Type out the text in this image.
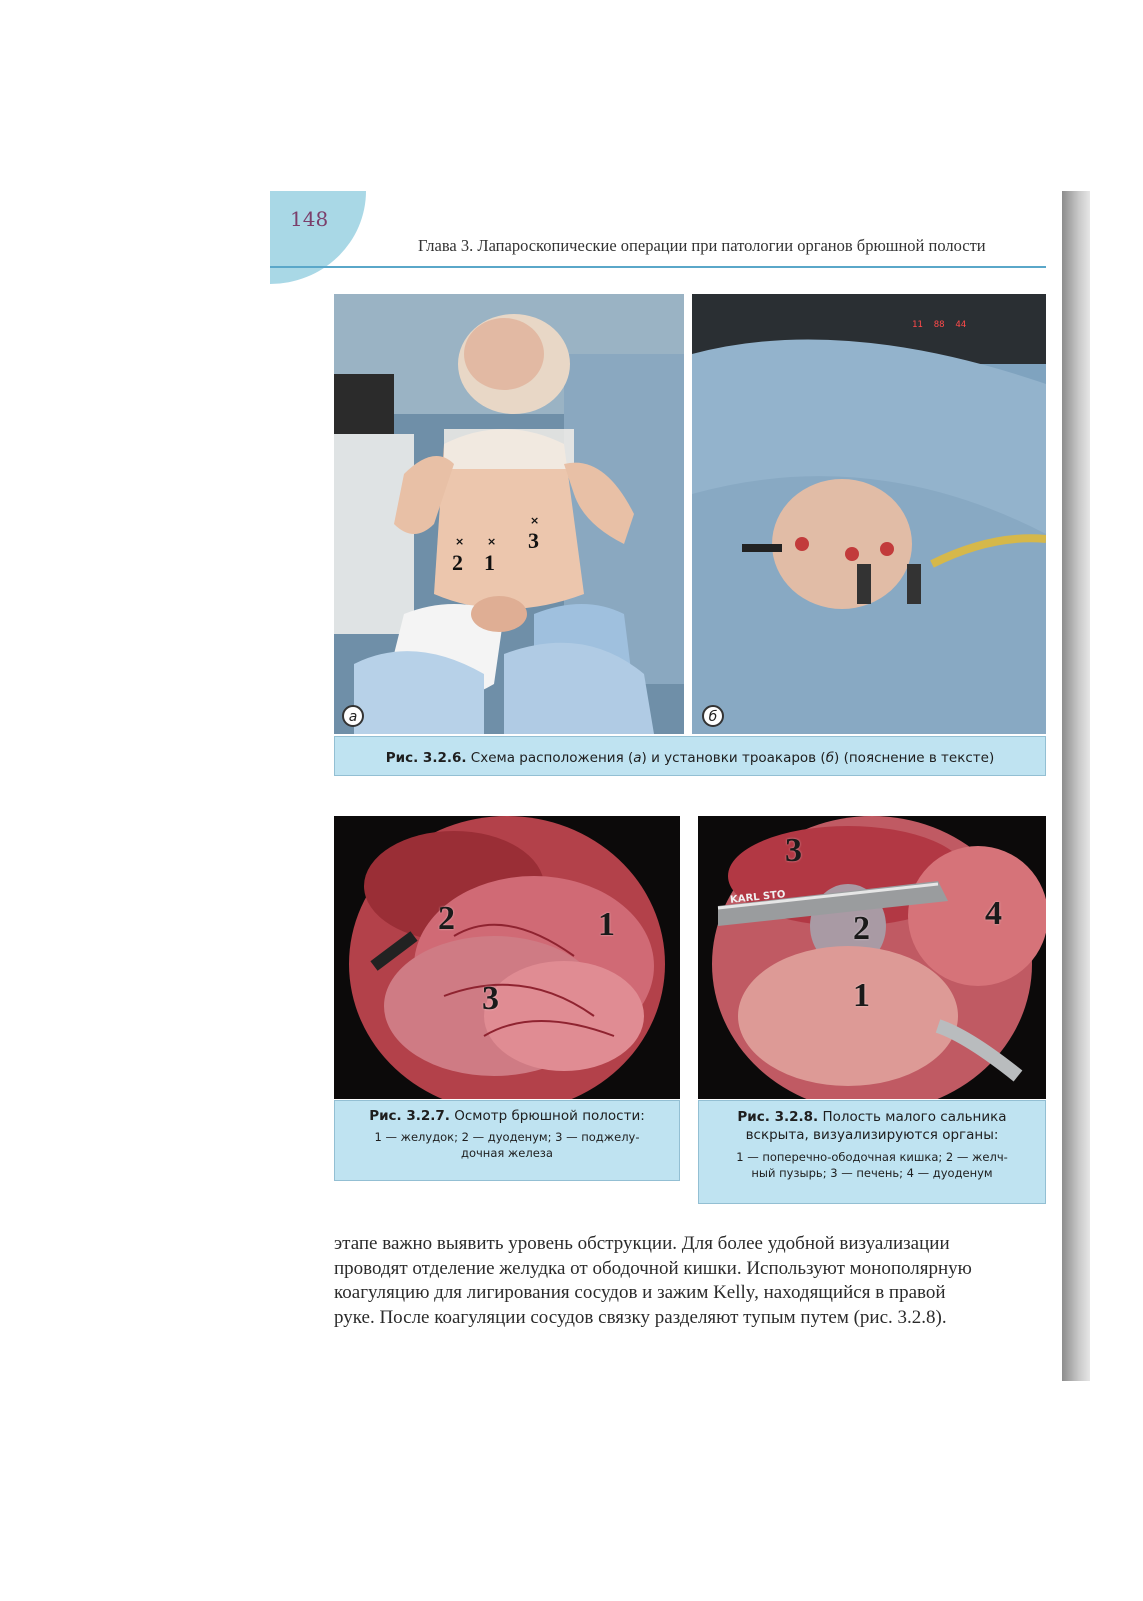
148
Глава 3. Лапароскопические операции при патологии органов брюшной полости
× ×
×
2 1
3
а
11 88 44
б
Рис. 3.2.6. Схема расположения (а) и установки троакаров (б) (пояснение в тексте)
2	1
3
Рис. 3.2.7. Осмотр брюшной полости:
1 — желудок; 2 — дуоденум; 3 — поджелу-
дочная железа
KARL STO
3
4
2
1
Рис. 3.2.8. Полость малого сальника
вскрыта, визуализируются органы:
1 — поперечно-ободочная кишка; 2 — желч-
ный пузырь; 3 — печень; 4 — дуоденум
этапе важно выявить уровень обструкции. Для более удобной визуализации
проводят отделение желудка от ободочной кишки. Используют монополярную
коагуляцию для лигирования сосудов и зажим Kelly, находящийся в правой
руке. После коагуляции сосудов связку разделяют тупым путем (рис. 3.2.8).
